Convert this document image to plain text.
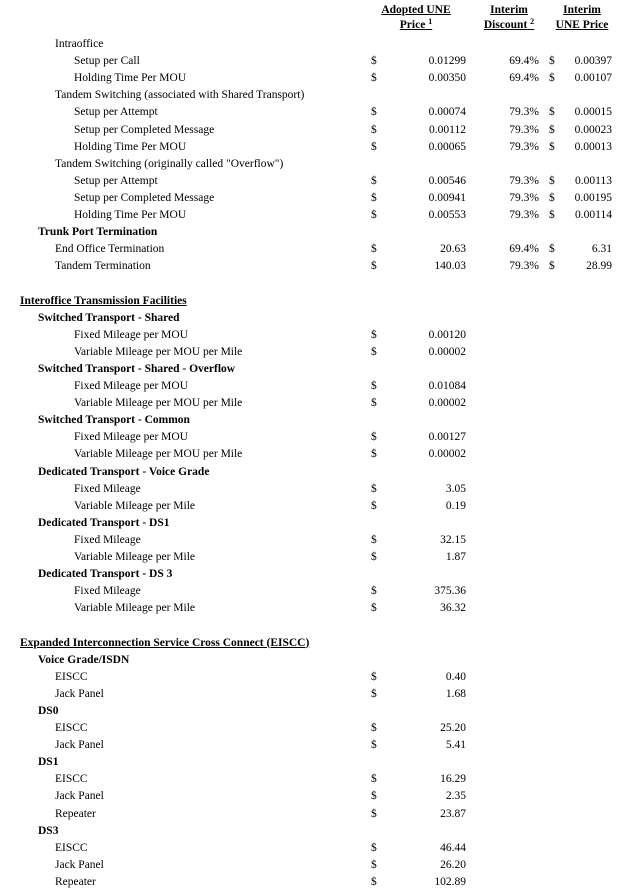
Adopted UNE
Price $^1$
Interim
Discount $^2$
Interim
UNE Price
Intraoffice
Setup per Call	$	0.01299	69.4% $ 0.00397
Holding Time Per MOU	$	0.00350	69.4% $ 0.00107
Tandem Switching (associated with Shared Transport)
Setup per Attempt	$	0.00074	79.3% $ 0.00015
Setup per Completed Message	$	0.00112	79.3% $ 0.00023
Holding Time Per MOU	$	0.00065	79.3% $ 0.00013
Tandem Switching (originally called "Overflow")
Setup per Attempt	$	0.00546	79.3% $ 0.00113
Setup per Completed Message	$	0.00941	79.3% $ 0.00195
Holding Time Per MOU	$	0.00553	79.3% $ 0.00114
Trunk Port Termination
End Office Termination	$	20.63	69.4% $	6.31
Tandem Termination	$	140.03	79.3% $	28.99
Interoffice Transmission Facilities
Switched Transport - Shared
Fixed Mileage per MOU	$	0.00120
Variable Mileage per MOU per Mile	$	0.00002
Switched Transport - Shared - Overflow
Fixed Mileage per MOU	$	0.01084
Variable Mileage per MOU per Mile	$	0.00002
Switched Transport - Common
Fixed Mileage per MOU	$	0.00127
Variable Mileage per MOU per Mile	$	0.00002
Dedicated Transport - Voice Grade
Fixed Mileage	$	3.05
Variable Mileage per Mile	$	0.19
Dedicated Transport - DS1
Fixed Mileage	$	32.15
Variable Mileage per Mile	$	1.87
Dedicated Transport - DS 3
Fixed Mileage	$	375.36
Variable Mileage per Mile	$	36.32
Expanded Interconnection Service Cross Connect (EISCC)
Voice Grade/ISDN
EISCC	$	0.40
Jack Panel	$	1.68
DS0
EISCC	$	25.20
Jack Panel	$	5.41
DS1
EISCC	$	16.29
Jack Panel	$	2.35
Repeater	$	23.87
DS3
EISCC	$	46.44
Jack Panel	$	26.20
Repeater	$	102.89
